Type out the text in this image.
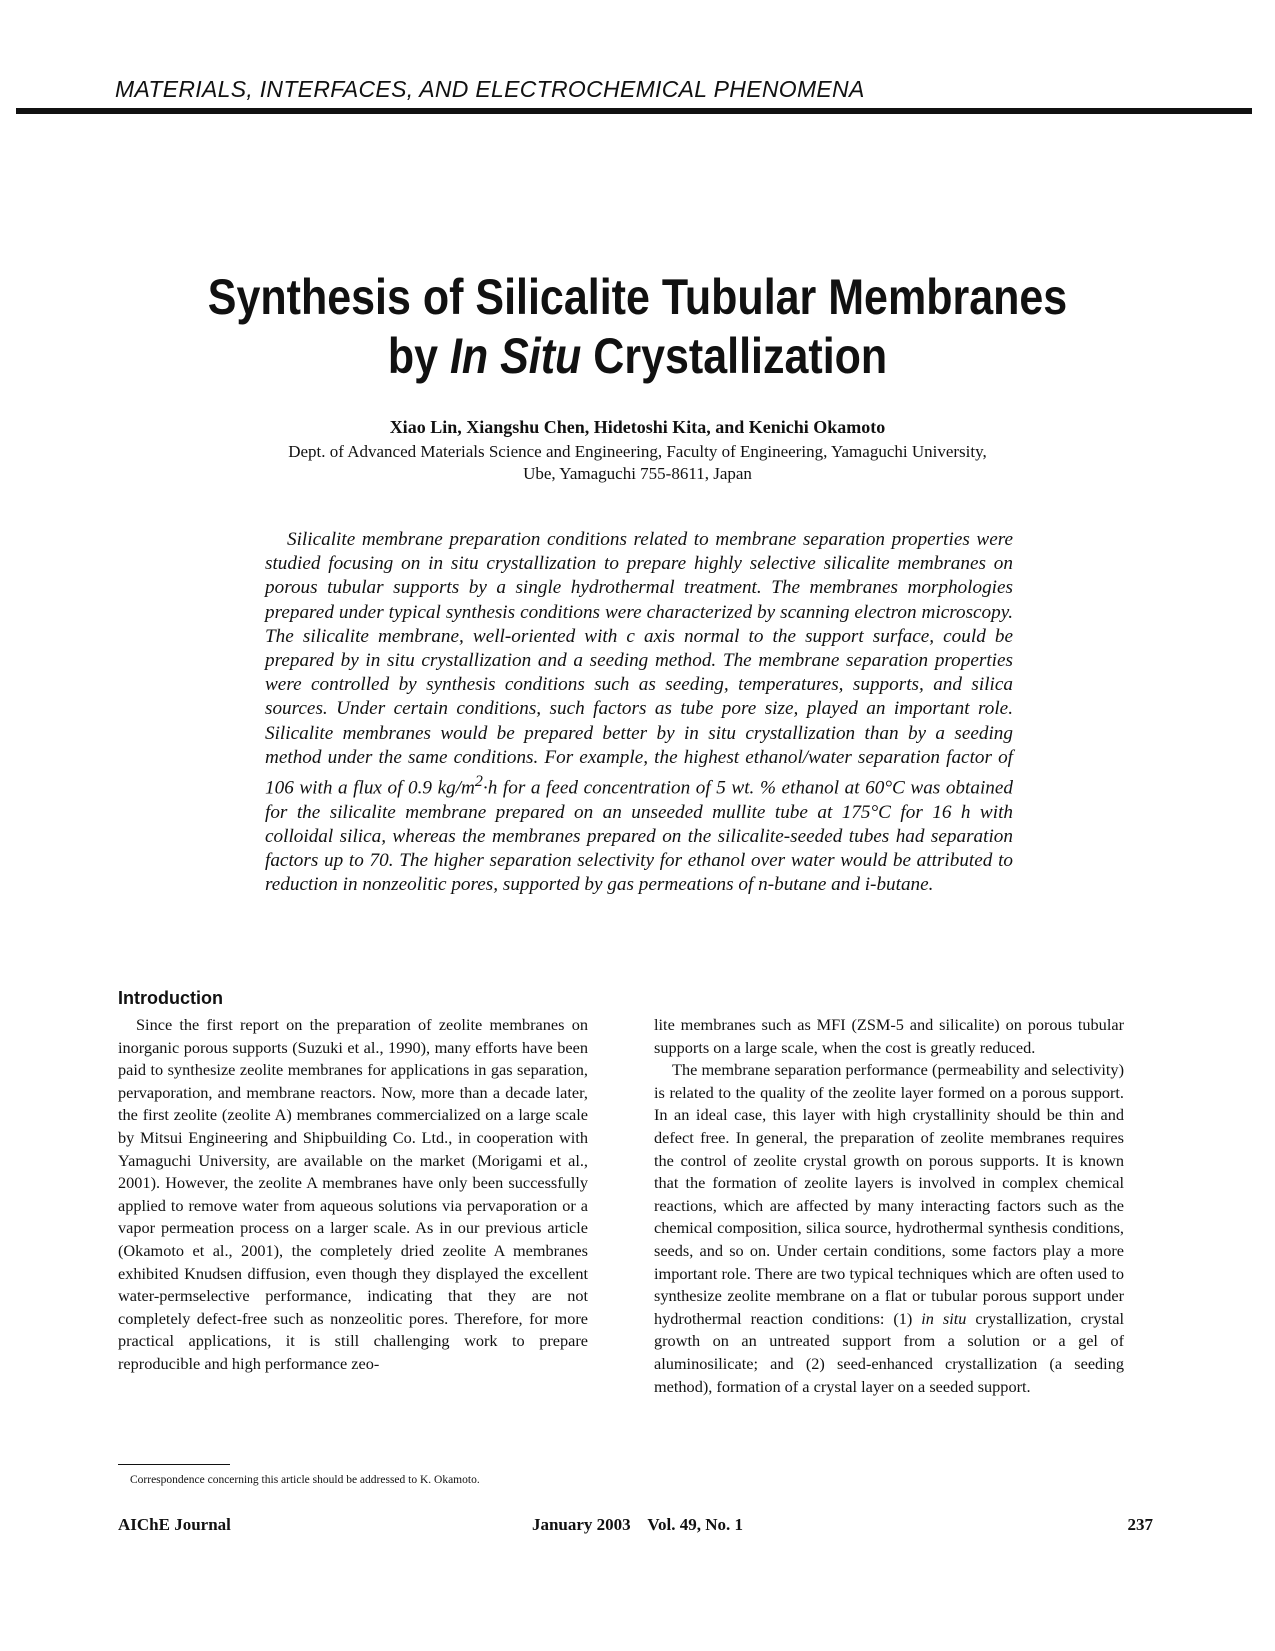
MATERIALS, INTERFACES, AND ELECTROCHEMICAL PHENOMENA
Synthesis of Silicalite Tubular Membranes
by In Situ Crystallization
Xiao Lin, Xiangshu Chen, Hidetoshi Kita, and Kenichi Okamoto
Dept. of Advanced Materials Science and Engineering, Faculty of Engineering, Yamaguchi University,
Ube, Yamaguchi 755-8611, Japan

Silicalite membrane preparation conditions related to membrane separation properties were studied focusing on in situ crystallization to prepare highly selective silicalite membranes on porous tubular supports by a single hydrothermal treatment. The membranes morphologies prepared under typical synthesis conditions were characterized by scanning electron microscopy. The silicalite membrane, well-oriented with c axis normal to the support surface, could be prepared by in situ crystallization and a seeding method. The membrane separation properties were controlled by synthesis conditions such as seeding, temperatures, supports, and silica sources. Under certain conditions, such factors as tube pore size, played an important role. Silicalite membranes would be prepared better by in situ crystallization than by a seeding method under the same conditions. For example, the highest ethanol/water separation factor of 106 with a flux of 0.9 $kg/m^2\cdot h$ for a feed concentration of 5 wt. % ethanol at 60°C was obtained for the silicalite membrane prepared on an unseeded mullite tube at 175°C for 16 h with colloidal silica, whereas the membranes prepared on the silicalite-seeded tubes had separation factors up to 70. The higher separation selectivity for ethanol over water would be attributed to reduction in nonzeolitic pores, supported by gas permeations of n-butane and i-butane.

Introduction

Since the first report on the preparation of zeolite membranes on inorganic porous supports (Suzuki et al., 1990), many efforts have been paid to synthesize zeolite membranes for applications in gas separation, pervaporation, and membrane reactors. Now, more than a decade later, the first zeolite (zeolite A) membranes commercialized on a large scale by Mitsui Engineering and Shipbuilding Co. Ltd., in cooperation with Yamaguchi University, are available on the market (Morigami et al., 2001). However, the zeolite A membranes have only been successfully applied to remove water from aqueous solutions via pervaporation or a vapor permeation process on a larger scale. As in our previous article (Okamoto et al., 2001), the completely dried zeolite A membranes exhibited Knudsen diffusion, even though they displayed the excellent water-permselective performance, indicating that they are not completely defect-free such as nonzeolitic pores. Therefore, for more practical applications, it is still challenging work to prepare reproducible and high performance zeo-

lite membranes such as MFI (ZSM-5 and silicalite) on porous tubular supports on a large scale, when the cost is greatly reduced.

The membrane separation performance (permeability and selectivity) is related to the quality of the zeolite layer formed on a porous support. In an ideal case, this layer with high crystallinity should be thin and defect free. In general, the preparation of zeolite membranes requires the control of zeolite crystal growth on porous supports. It is known that the formation of zeolite layers is involved in complex chemical reactions, which are affected by many interacting factors such as the chemical composition, silica source, hydrothermal synthesis conditions, seeds, and so on. Under certain conditions, some factors play a more important role. There are two typical techniques which are often used to synthesize zeolite membrane on a flat or tubular porous support under hydrothermal reaction conditions: (1) in situ crystallization, crystal growth on an untreated support from a solution or a gel of aluminosilicate; and (2) seed-enhanced crystallization (a seeding method), formation of a crystal layer on a seeded support.

Correspondence concerning this article should be addressed to K. Okamoto.
AIChE Journal	January 2003    Vol. 49, No. 1	237
